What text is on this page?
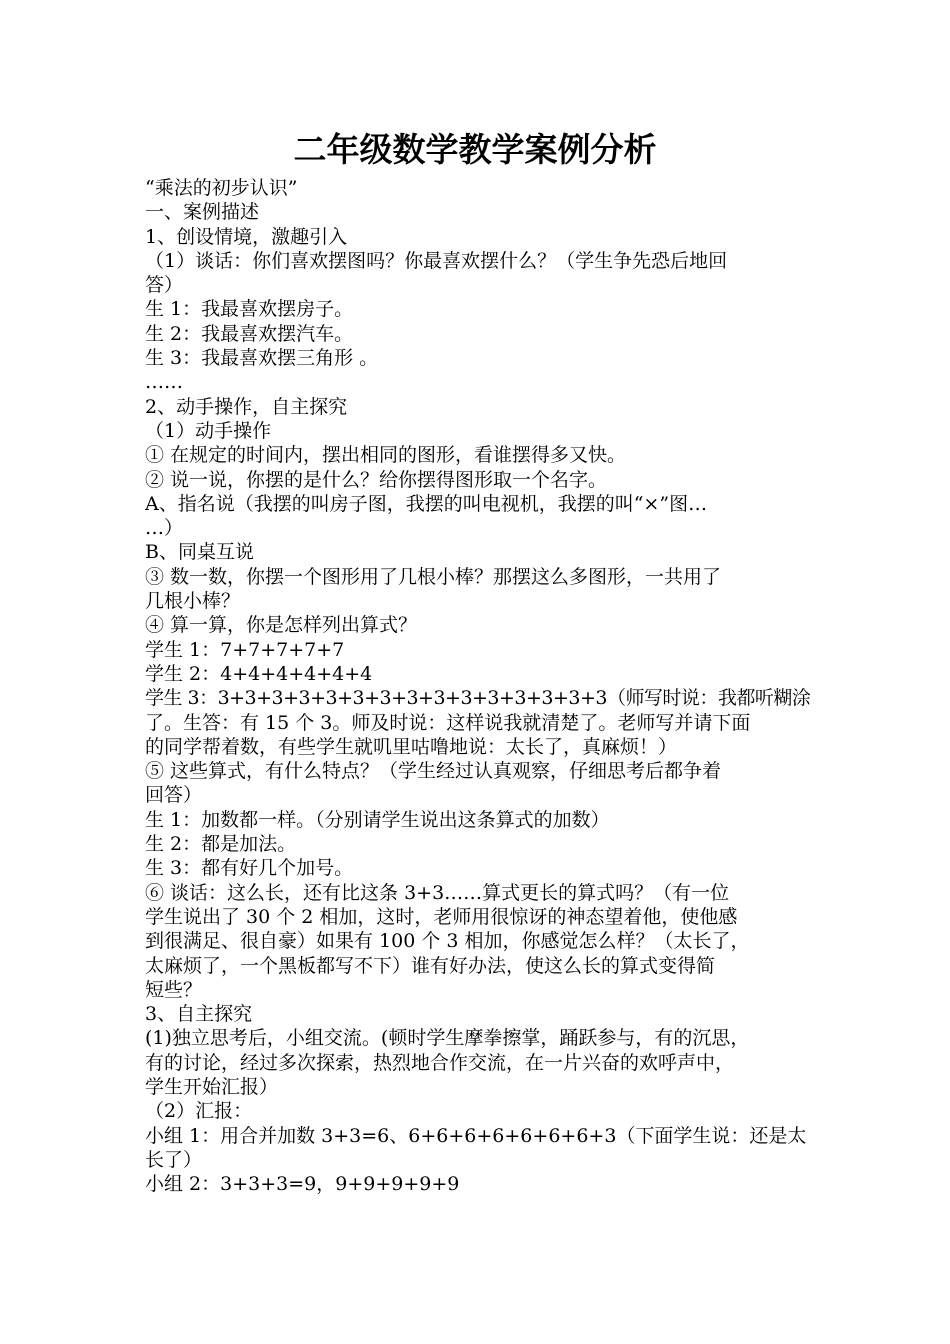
二年级数学教学案例分析
“乘法的初步认识”
一、案例描述
1、创设情境，激趣引入
（1）谈话：你们喜欢摆图吗？你最喜欢摆什么？（学生争先恐后地回
答）
生 1：我最喜欢摆房子。
生 2：我最喜欢摆汽车。
生 3：我最喜欢摆三角形 。
……
2、动手操作，自主探究
（1）动手操作
① 在规定的时间内，摆出相同的图形，看谁摆得多又快。
② 说一说，你摆的是什么？给你摆得图形取一个名字。
A、指名说（我摆的叫房子图，我摆的叫电视机，我摆的叫“×”图…
…）
B、同桌互说
③ 数一数，你摆一个图形用了几根小棒？那摆这么多图形，一共用了
几根小棒？
④ 算一算，你是怎样列出算式？
学生 1：7+7+7+7+7
学生 2：4+4+4+4+4+4
学生 3：3+3+3+3+3+3+3+3+3+3+3+3+3+3+3（师写时说：我都听糊涂
了。生答：有 15 个 3。师及时说：这样说我就清楚了。老师写并请下面
的同学帮着数，有些学生就叽里咕噜地说：太长了，真麻烦！）
⑤ 这些算式，有什么特点？（学生经过认真观察，仔细思考后都争着
回答）
生 1：加数都一样。（分别请学生说出这条算式的加数）
生 2：都是加法。
生 3：都有好几个加号。
⑥ 谈话：这么长，还有比这条 3+3……算式更长的算式吗？（有一位
学生说出了 30 个 2 相加，这时，老师用很惊讶的神态望着他，使他感
到很满足、很自豪）如果有 100 个 3 相加，你感觉怎么样？（太长了，
太麻烦了，一个黑板都写不下）谁有好办法，使这么长的算式变得简
短些？
3、自主探究
(1)独立思考后，小组交流。(顿时学生摩拳擦掌，踊跃参与，有的沉思，
有的讨论，经过多次探索，热烈地合作交流，在一片兴奋的欢呼声中，
学生开始汇报）
（2）汇报：
小组 1：用合并加数 3+3=6、6+6+6+6+6+6+6+3（下面学生说：还是太
长了）
小组 2：3+3+3=9，9+9+9+9+9
